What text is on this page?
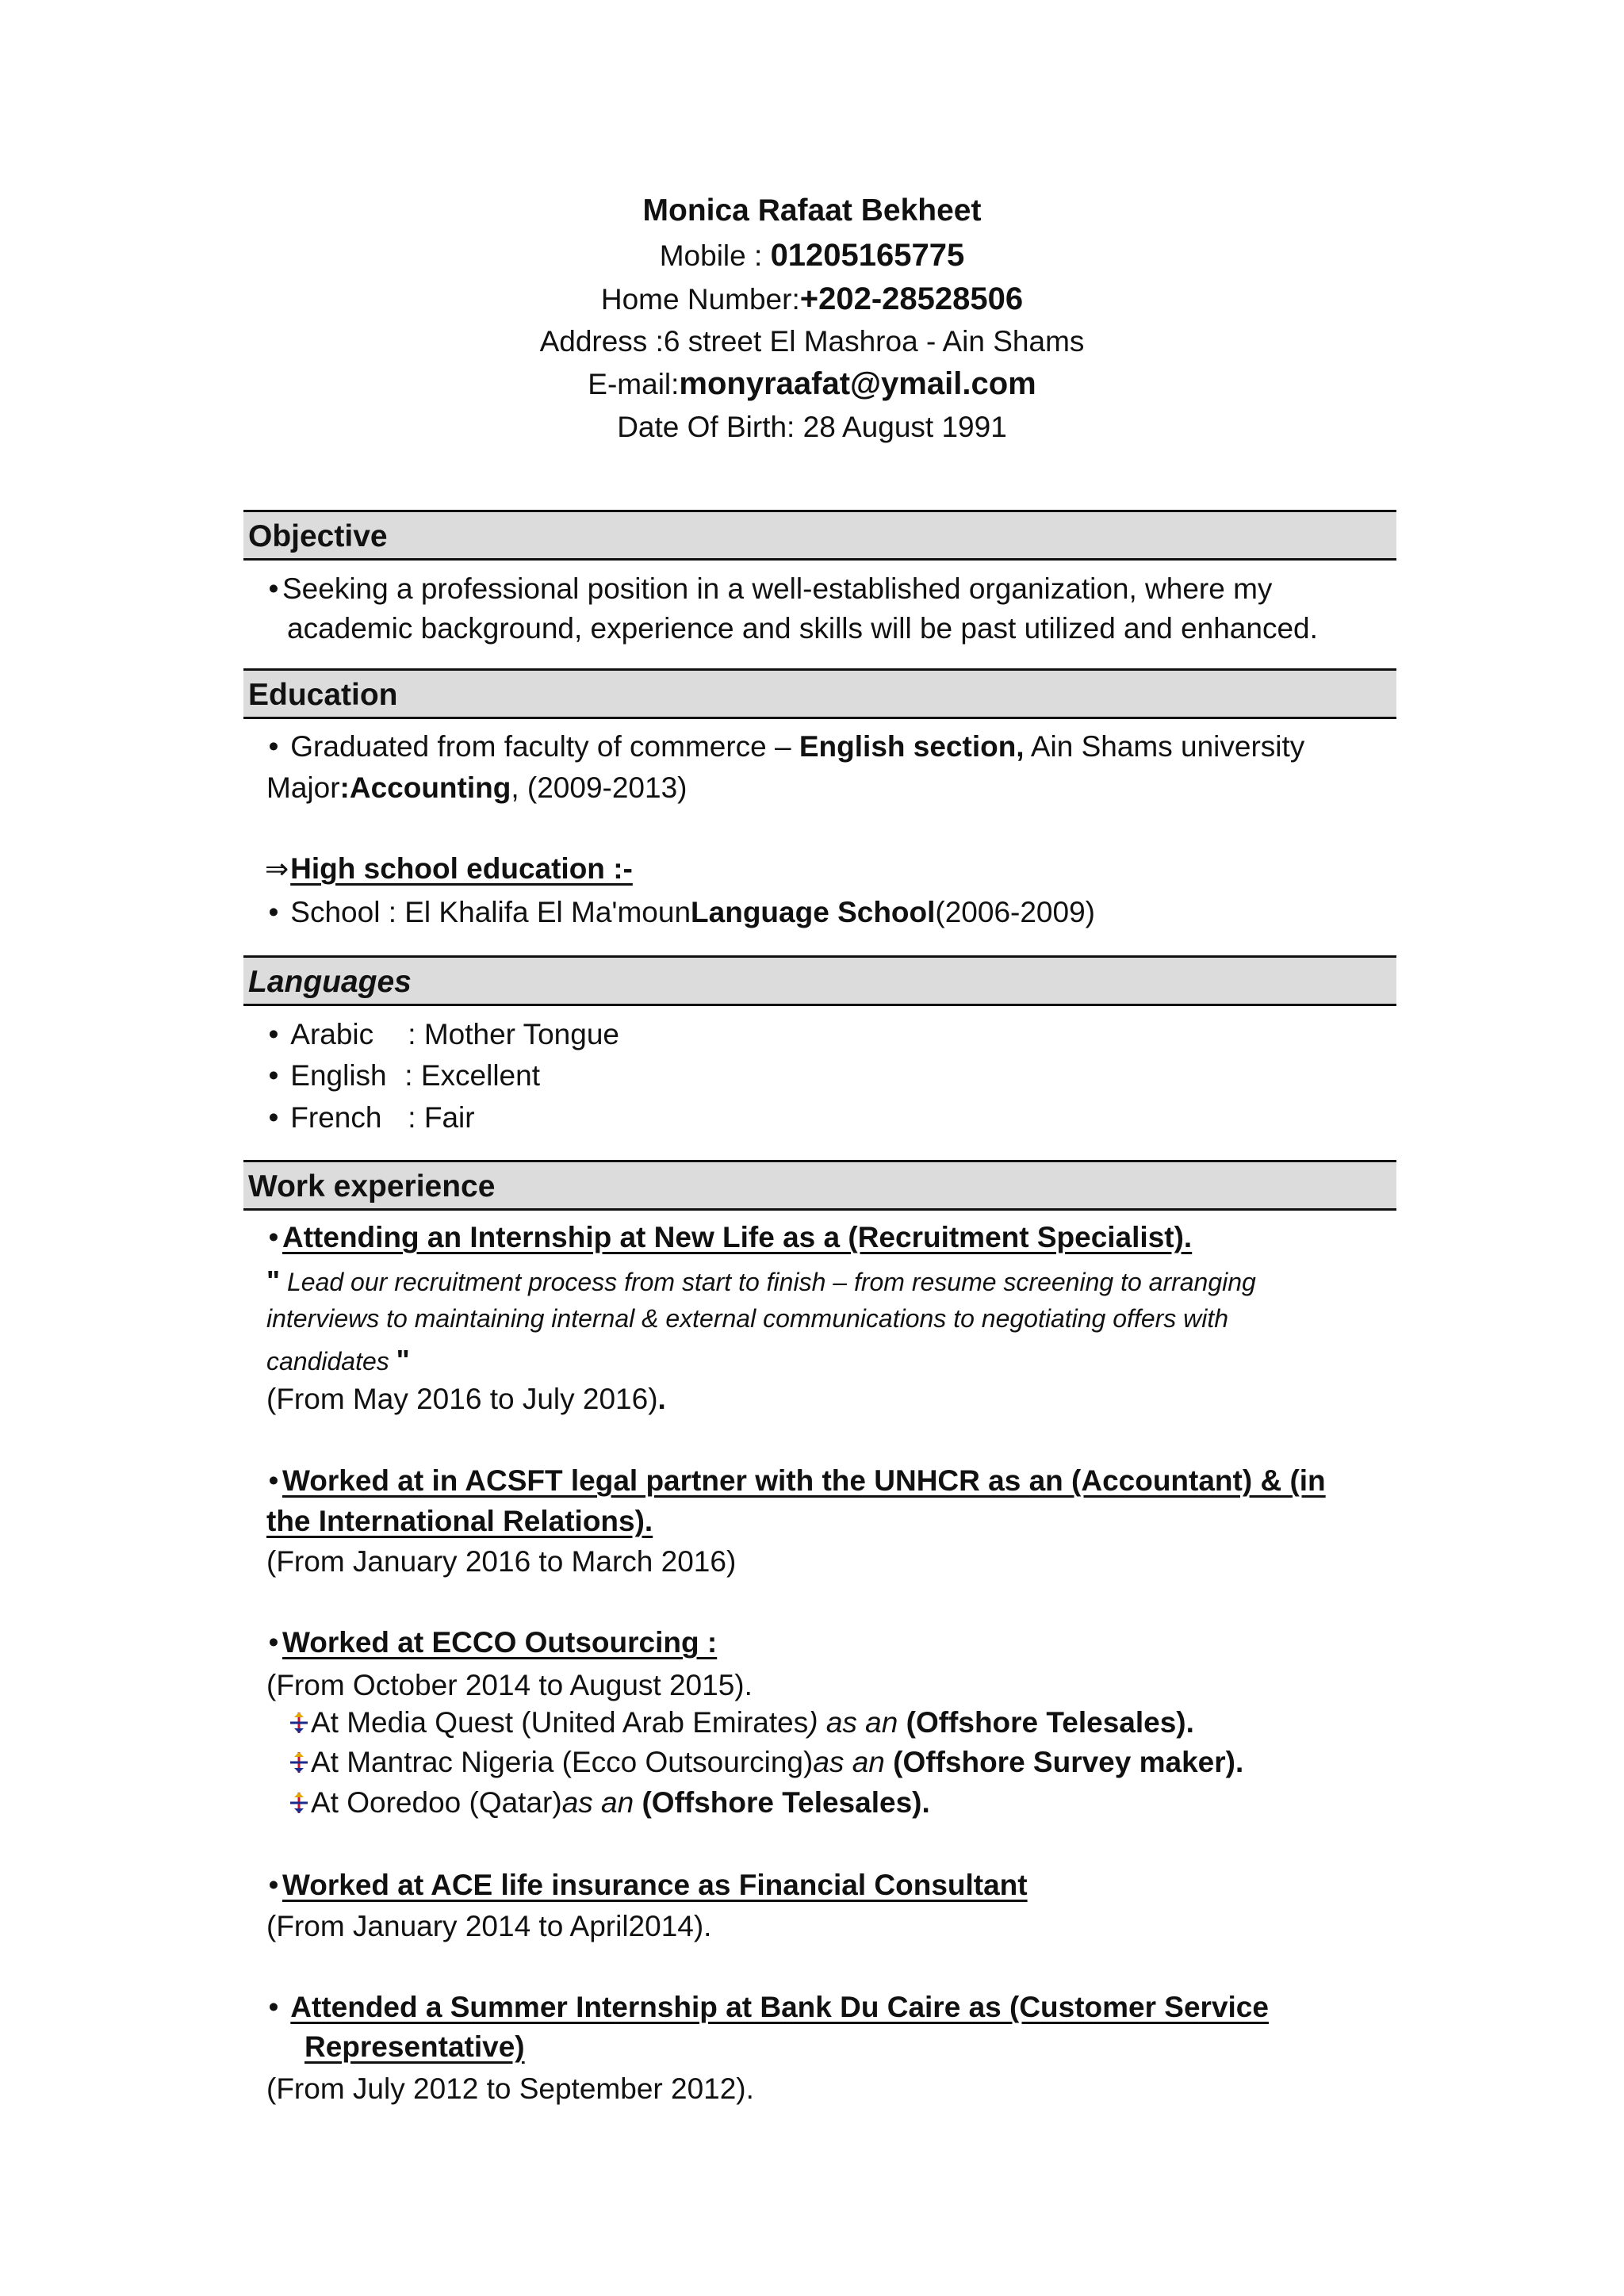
Monica Rafaat Bekheet
Mobile : 01205165775
Home Number:+202-28528506
Address :6 street El Mashroa - Ain Shams
E-mail:monyraafat@ymail.com
Date Of Birth: 28 August 1991
Objective
• Seeking a professional position in a well-established organization, where my
academic background, experience and skills will be past utilized and enhanced.
Education
• Graduated from faculty of commerce – English section, Ain Shams university
Major:Accounting, (2009-2013)
⇒High school education :-
• School : El Khalifa El Ma'mounLanguage School(2006-2009)
Languages
• Arabic : Mother Tongue
• English : Excellent
• French : Fair
Work experience
• Attending an Internship at New Life as a (Recruitment Specialist).
" Lead our recruitment process from start to finish – from resume screening to arranging
interviews to maintaining internal & external communications to negotiating offers with
candidates "
(From May 2016 to July 2016).
• Worked at in ACSFT legal partner with the UNHCR as an (Accountant) & (in
the International Relations).
(From January 2016 to March 2016)
• Worked at ECCO Outsourcing :
(From October 2014 to August 2015).
At Media Quest (United Arab Emirates) as an (Offshore Telesales).
At Mantrac Nigeria (Ecco Outsourcing)as an (Offshore Survey maker).
At Ooredoo (Qatar)as an (Offshore Telesales).
• Worked at ACE life insurance as Financial Consultant
(From January 2014 to April2014).
• Attended a Summer Internship at Bank Du Caire as (Customer Service
Representative)
(From July 2012 to September 2012).
